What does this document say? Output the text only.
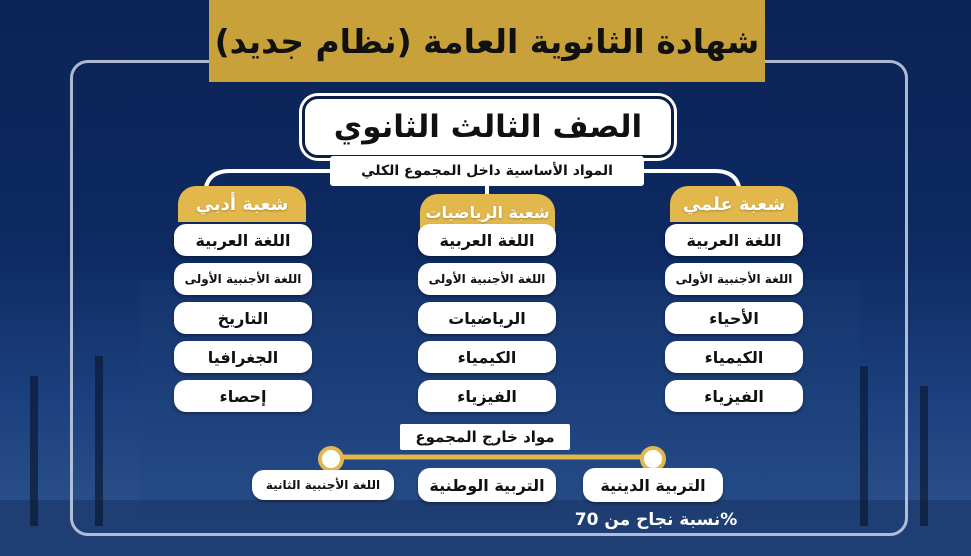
شهادة الثانوية العامة (نظام جديد)
الصف الثالث الثانوي
المواد الأساسية داخل المجموع الكلي
شعبة علمي
اللغة العربية
اللغة الأجنبية الأولى
الأحياء
الكيمياء
الفيزياء
شعبة الرياضيات
اللغة العربية
اللغة الأجنبية الأولى
الرياضيات
الكيمياء
الفيزياء
شعبة أدبي
اللغة العربية
اللغة الأجنبية الأولى
التاريخ
الجغرافيا
إحصاء
مواد خارج المجموع
التربية الدينية
التربية الوطنية
اللغة الأجنبية الثانية
نسبة نجاح من 70%
